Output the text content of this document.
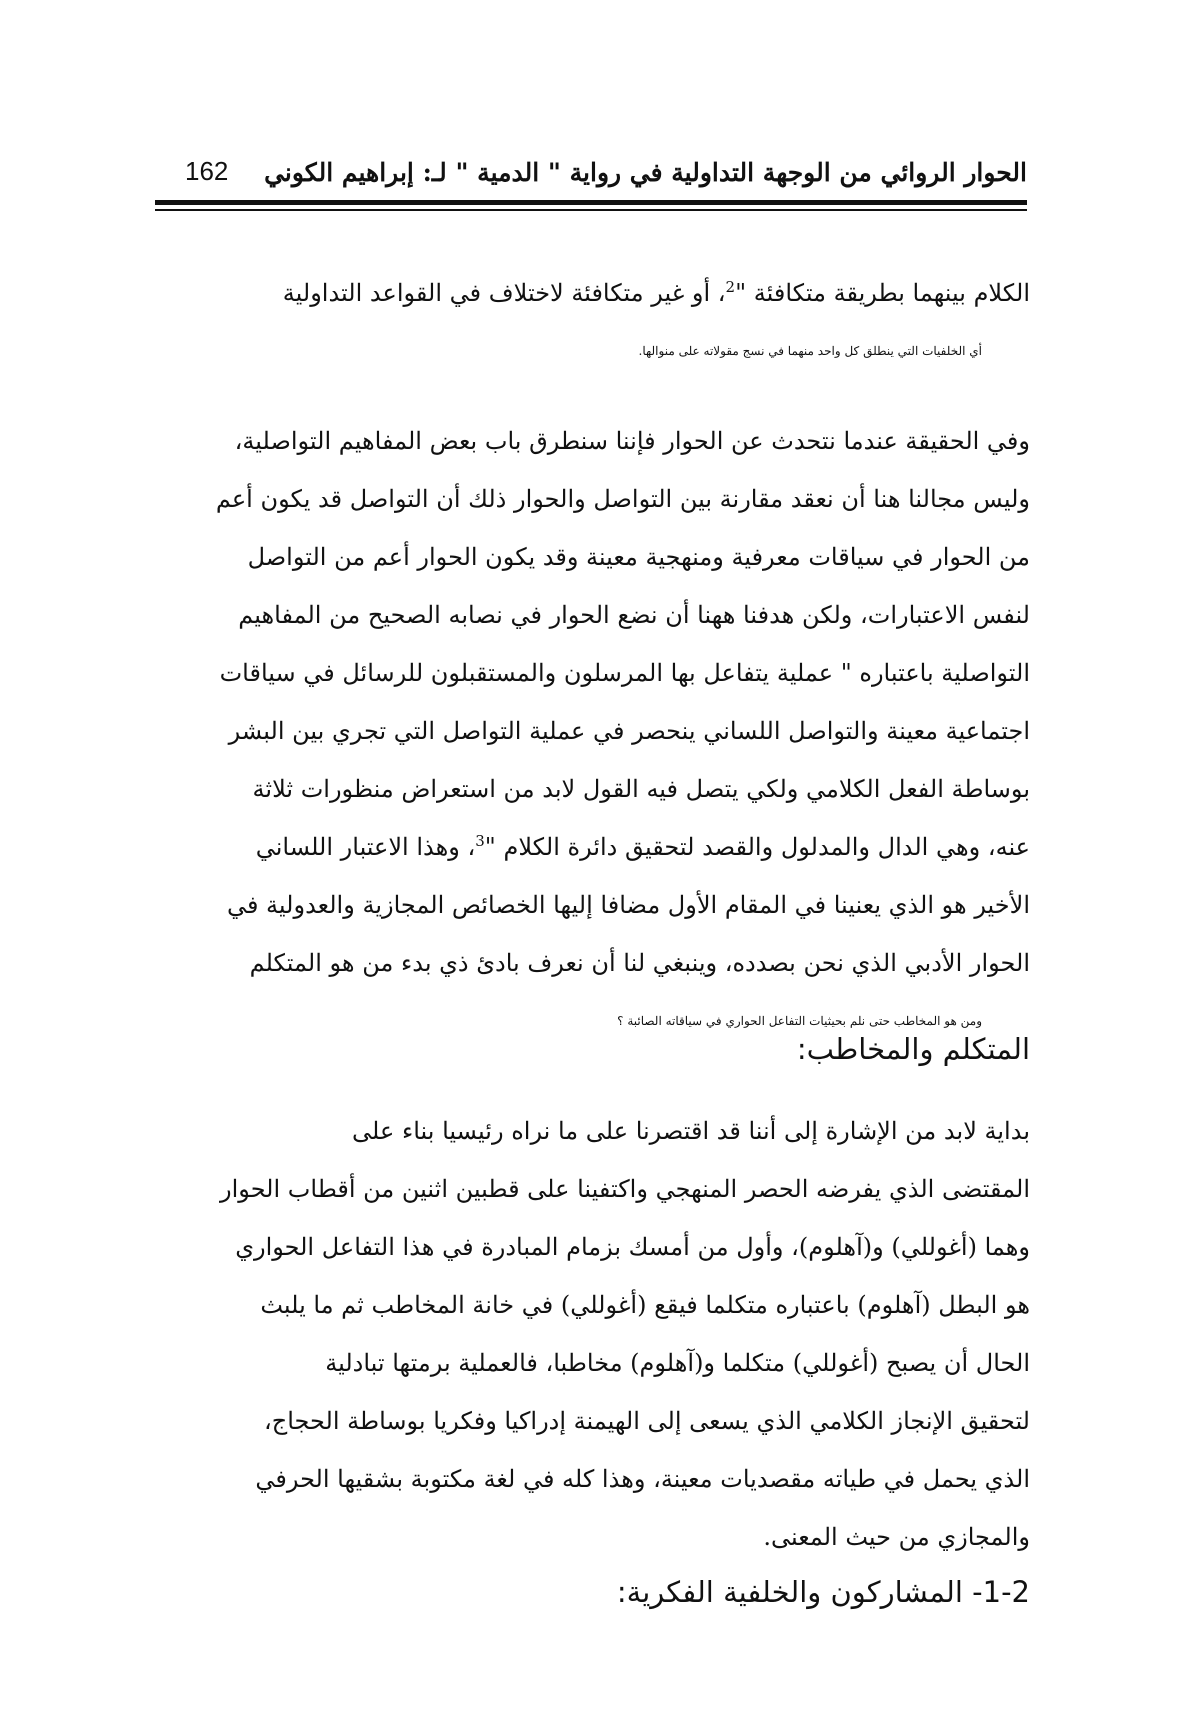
الحوار الروائي من الوجهة التداولية في رواية " الدمية " لـ: إبراهيم الكوني
162
الكلام بينهما بطريقة متكافئة "$^2$، أو غير متكافئة لاختلاف في القواعد التداولية
أي الخلفيات التي ينطلق كل واحد منهما في نسج مقولاته على منوالها.
وفي الحقيقة عندما نتحدث عن الحوار فإننا سنطرق باب بعض المفاهيم التواصلية،
وليس مجالنا هنا أن نعقد مقارنة بين التواصل والحوار ذلك أن التواصل قد يكون أعم
من الحوار في سياقات معرفية ومنهجية معينة وقد يكون الحوار أعم من التواصل
لنفس الاعتبارات، ولكن هدفنا ههنا أن نضع الحوار في نصابه الصحيح من المفاهيم
التواصلية باعتباره " عملية يتفاعل بها المرسلون والمستقبلون للرسائل في سياقات
اجتماعية معينة والتواصل اللساني ينحصر في عملية التواصل التي تجري بين البشر
بوساطة الفعل الكلامي ولكي يتصل فيه القول لابد من استعراض منظورات ثلاثة
عنه، وهي الدال والمدلول والقصد لتحقيق دائرة الكلام "$^3$، وهذا الاعتبار اللساني
الأخير هو الذي يعنينا في المقام الأول مضافا إليها الخصائص المجازية والعدولية في
الحوار الأدبي الذي نحن بصدده، وينبغي لنا أن نعرف بادئ ذي بدء من هو المتكلم
ومن هو المخاطب حتى نلم بحيثيات التفاعل الحواري في سياقاته الصائبة ؟
المتكلم والمخاطب:
بداية لابد من الإشارة إلى أننا قد اقتصرنا على ما نراه رئيسيا بناء على
المقتضى الذي يفرضه الحصر المنهجي واكتفينا على قطبين اثنين من أقطاب الحوار
وهما (أغوللي) و(آهلوم)، وأول من أمسك بزمام المبادرة في هذا التفاعل الحواري
هو البطل (آهلوم) باعتباره متكلما فيقع (أغوللي) في خانة المخاطب ثم ما يلبث
الحال أن يصبح (أغوللي) متكلما و(آهلوم) مخاطبا، فالعملية برمتها تبادلية
لتحقيق الإنجاز الكلامي الذي يسعى إلى الهيمنة إدراكيا وفكريا بوساطة الحجاج،
الذي يحمل في طياته مقصديات معينة، وهذا كله في لغة مكتوبة بشقيها الحرفي
والمجازي من حيث المعنى.
1-2- المشاركون والخلفية الفكرية:
